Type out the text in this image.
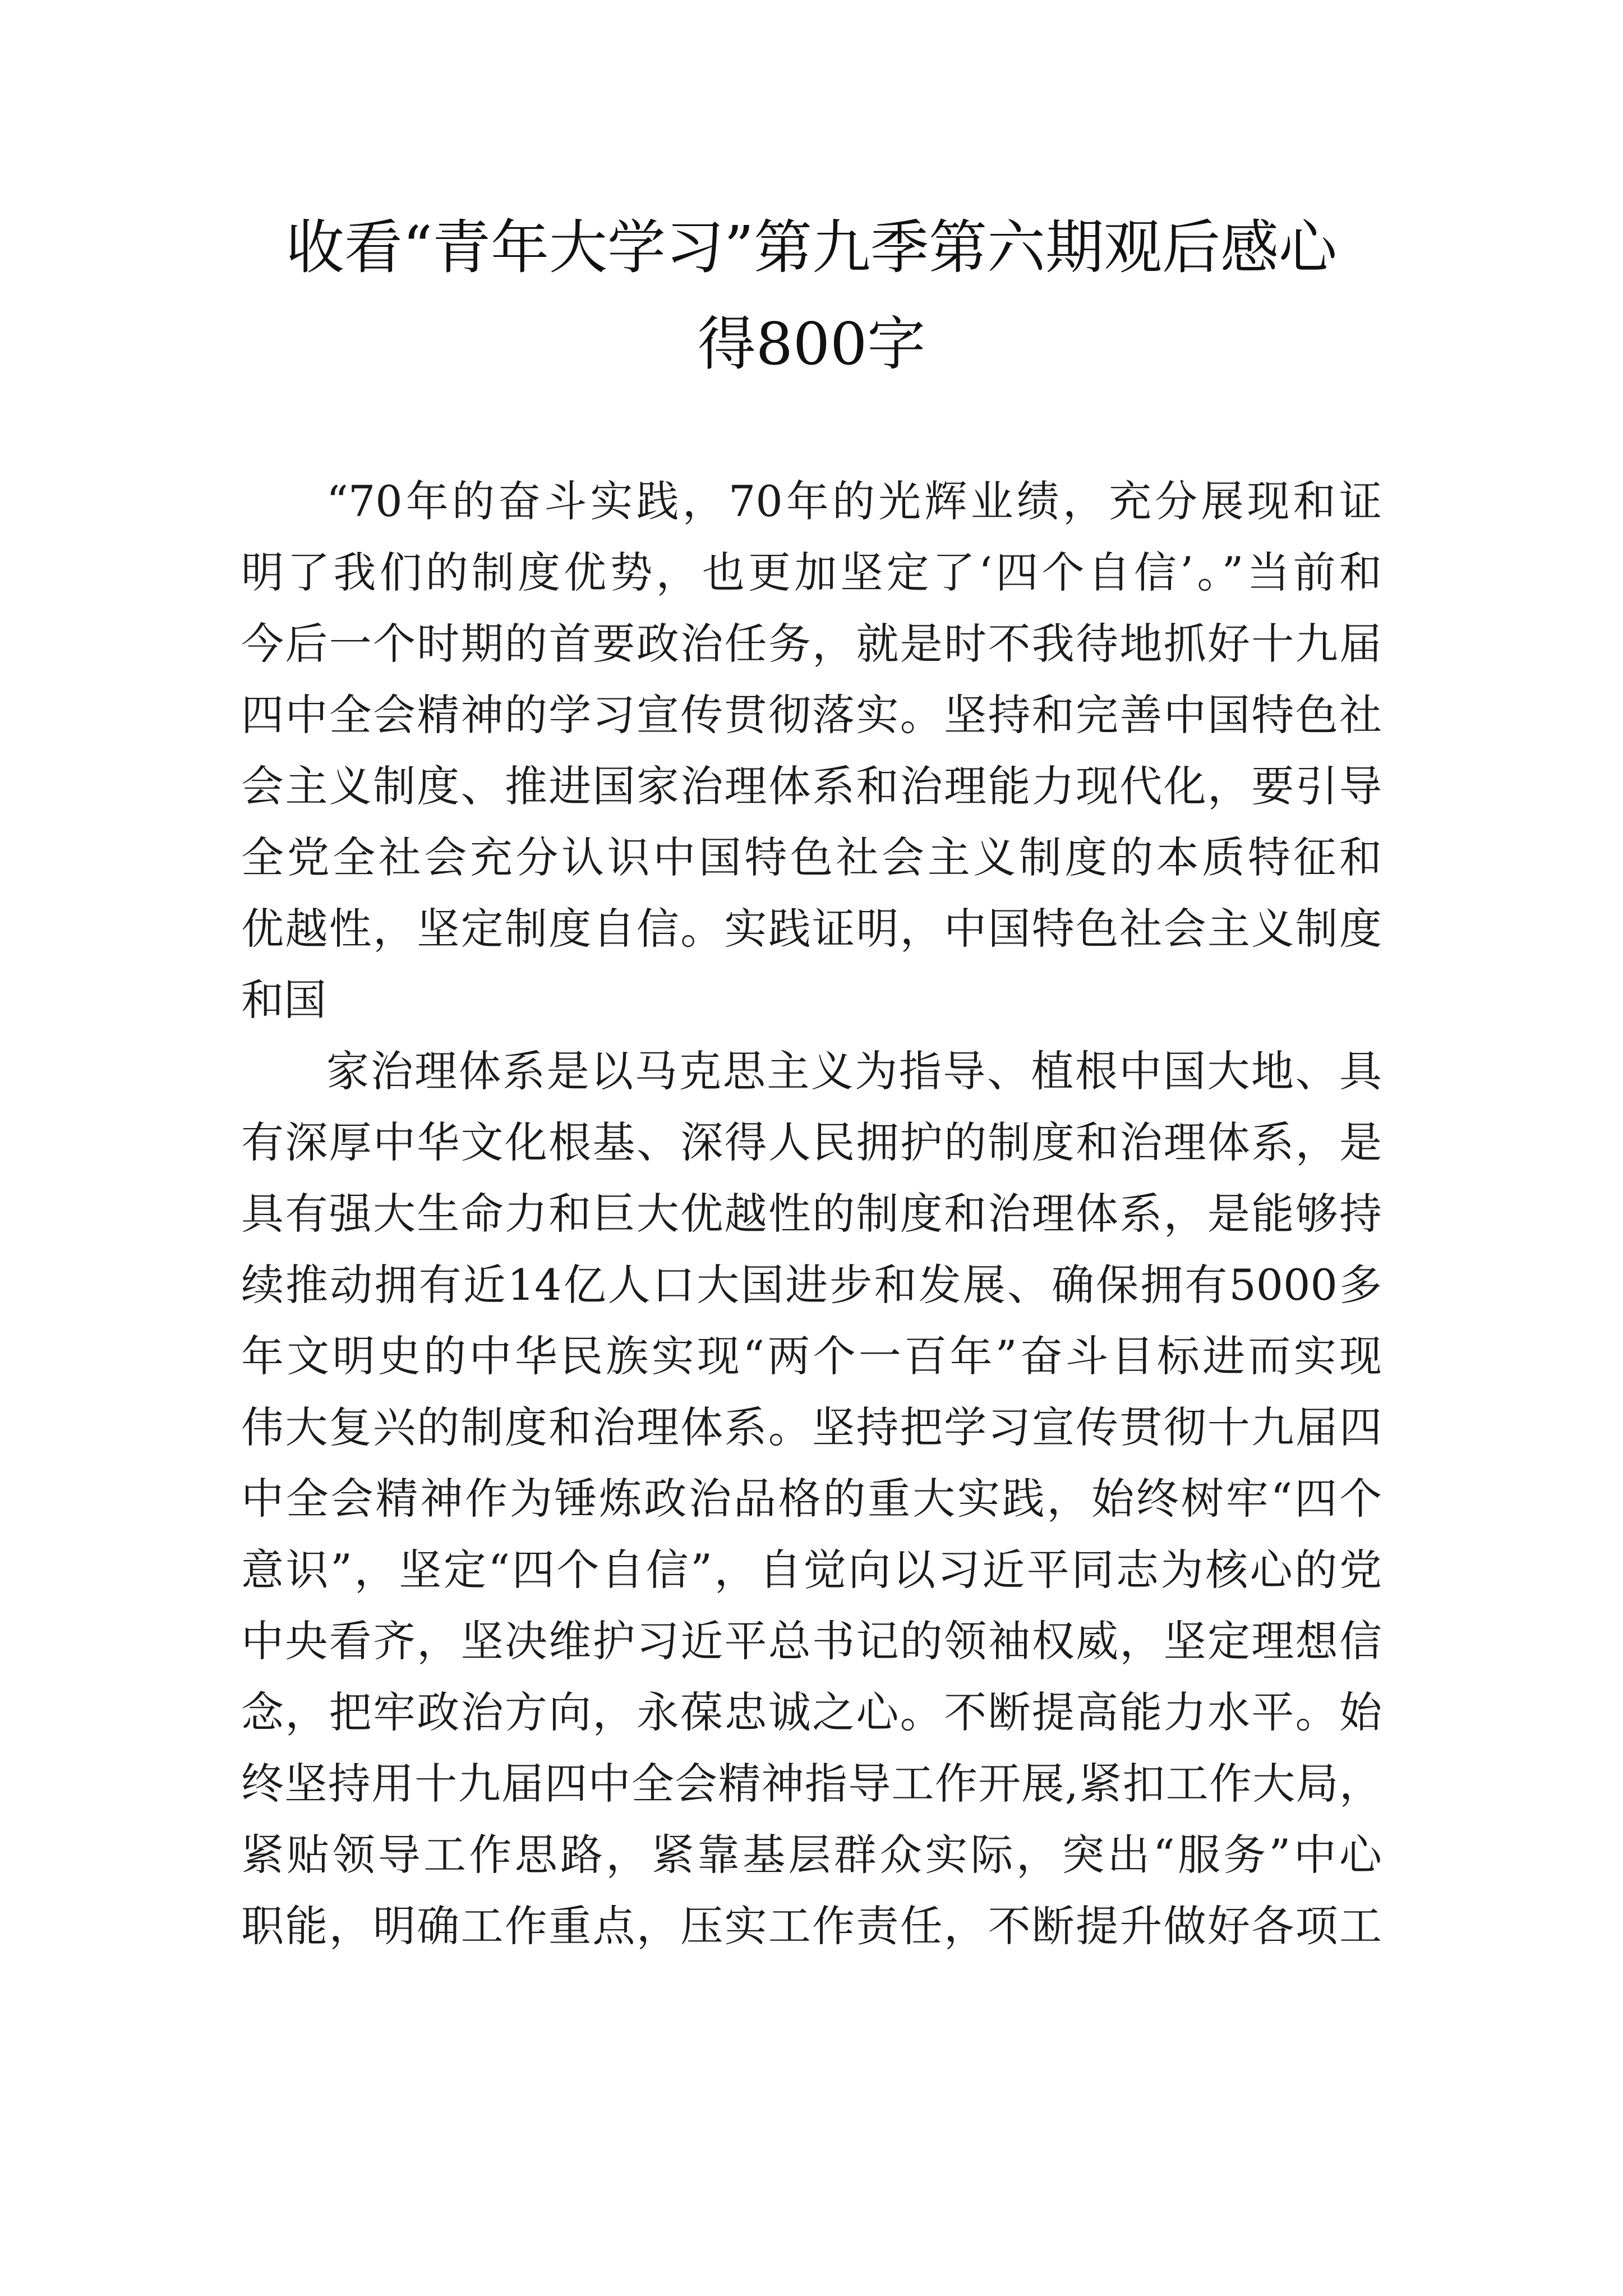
收看“青年大学习”第九季第六期观后感心
得800字
“70年的奋斗实践，70年的光辉业绩，充分展现和证
明了我们的制度优势，也更加坚定了‘四个自信’。”当前和
今后一个时期的首要政治任务，就是时不我待地抓好十九届
四中全会精神的学习宣传贯彻落实。坚持和完善中国特色社
会主义制度、推进国家治理体系和治理能力现代化，要引导
全党全社会充分认识中国特色社会主义制度的本质特征和
优越性，坚定制度自信。实践证明，中国特色社会主义制度
和国
家治理体系是以马克思主义为指导、植根中国大地、具
有深厚中华文化根基、深得人民拥护的制度和治理体系，是
具有强大生命力和巨大优越性的制度和治理体系，是能够持
续推动拥有近14亿人口大国进步和发展、确保拥有5000多
年文明史的中华民族实现“两个一百年”奋斗目标进而实现
伟大复兴的制度和治理体系。坚持把学习宣传贯彻十九届四
中全会精神作为锤炼政治品格的重大实践，始终树牢“四个
意识”，坚定“四个自信”，自觉向以习近平同志为核心的党
中央看齐，坚决维护习近平总书记的领袖权威，坚定理想信
念，把牢政治方向，永葆忠诚之心。不断提高能力水平。始
终坚持用十九届四中全会精神指导工作开展,紧扣工作大局，
紧贴领导工作思路，紧靠基层群众实际，突出“服务”中心
职能，明确工作重点，压实工作责任，不断提升做好各项工
